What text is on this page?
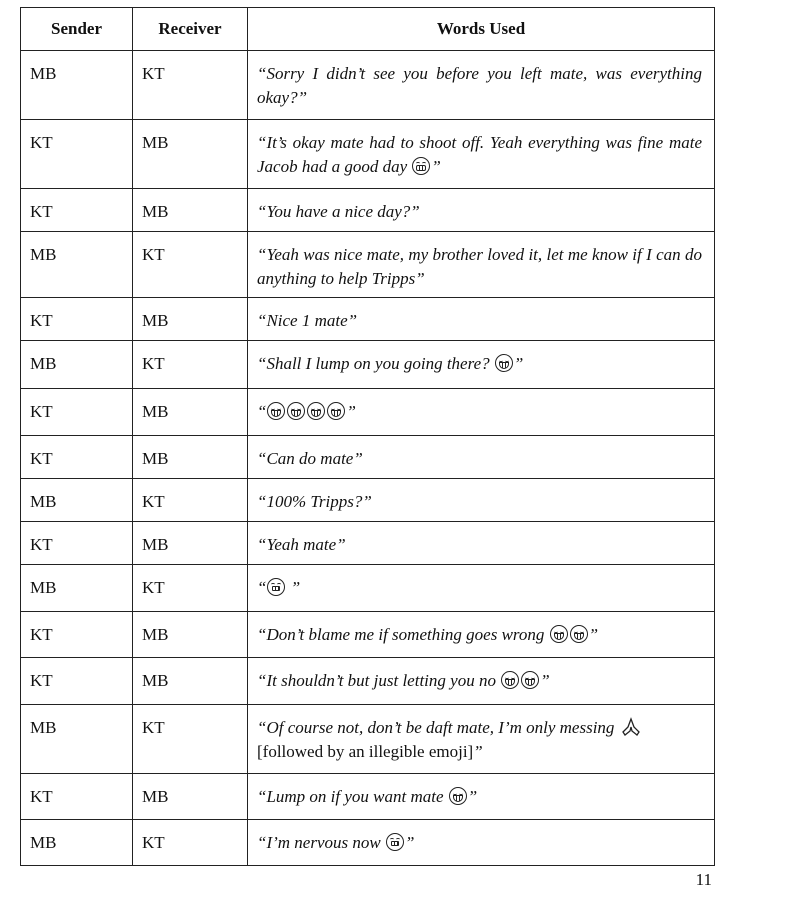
Sender	Receiver	Words Used
MB	KT	“Sorry I didn’t see you before you left mate, was everything okay?”
KT	MB	“It’s okay mate had to shoot off. Yeah everything was fine mate Jacob had a good day
”
KT	MB	“You have a nice day?”
MB	KT	“Yeah was nice mate, my brother loved it, let me know if I can do anything to help Tripps”
KT	MB	“Nice 1 mate”
MB	KT	“Shall I lump on you going there?
”
KT	MB	“ ”
KT	MB	“Can do mate”
MB	KT	“100% Tripps?”
KT	MB	“Yeah mate”
MB	KT	“
”
KT	MB	“Don’t blame me if something goes wrong
”
KT	MB	“It shouldn’t but just letting you no
”
MB	KT	“Of course not, don’t be daft mate, I’m only messing
[followed by an illegible emoji]”
KT	MB	“Lump on if you want mate
”
MB	KT	“I’m nervous now
”
11
